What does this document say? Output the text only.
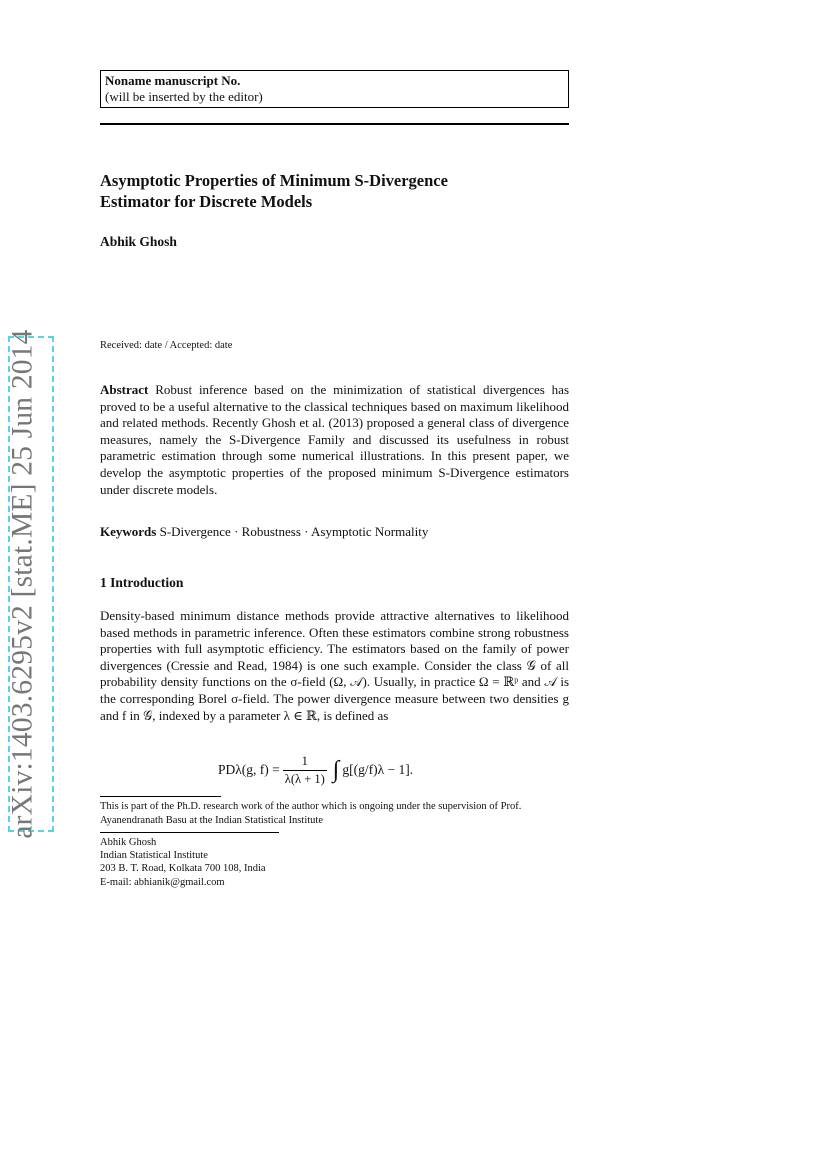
arXiv:1403.6295v2 [stat.ME] 25 Jun 2014
Noname manuscript No.
(will be inserted by the editor)
Asymptotic Properties of Minimum S-Divergence
Estimator for Discrete Models
Abhik Ghosh
Received: date / Accepted: date
Abstract Robust inference based on the minimization of statistical divergences has proved to be a useful alternative to the classical techniques based on maximum likelihood and related methods. Recently Ghosh et al. (2013) proposed a general class of divergence measures, namely the S-Divergence Family and discussed its usefulness in robust parametric estimation through some numerical illustrations. In this present paper, we develop the asymptotic properties of the proposed minimum S-Divergence estimators under discrete models.
Keywords S-Divergence · Robustness · Asymptotic Normality
1 Introduction
Density-based minimum distance methods provide attractive alternatives to likelihood based methods in parametric inference. Often these estimators combine strong robustness properties with full asymptotic efficiency. The estimators based on the family of power divergences (Cressie and Read, 1984) is one such example. Consider the class 𝒢 of all probability density functions on the σ-field (Ω, 𝒜). Usually, in practice Ω = ℝᵖ and 𝒜 is the corresponding Borel σ-field. The power divergence measure between two densities g and f in 𝒢, indexed by a parameter λ ∈ ℝ, is defined as
PDλ(g, $f) = \frac{1}{\lambda(\lambda + 1)}$ ∫ g[(g/f)λ − 1].
This is part of the Ph.D. research work of the author which is ongoing under the supervision of Prof. Ayanendranath Basu at the Indian Statistical Institute
Abhik Ghosh
Indian Statistical Institute
203 B. T. Road, Kolkata 700 108, India
E-mail: abhianik@gmail.com
